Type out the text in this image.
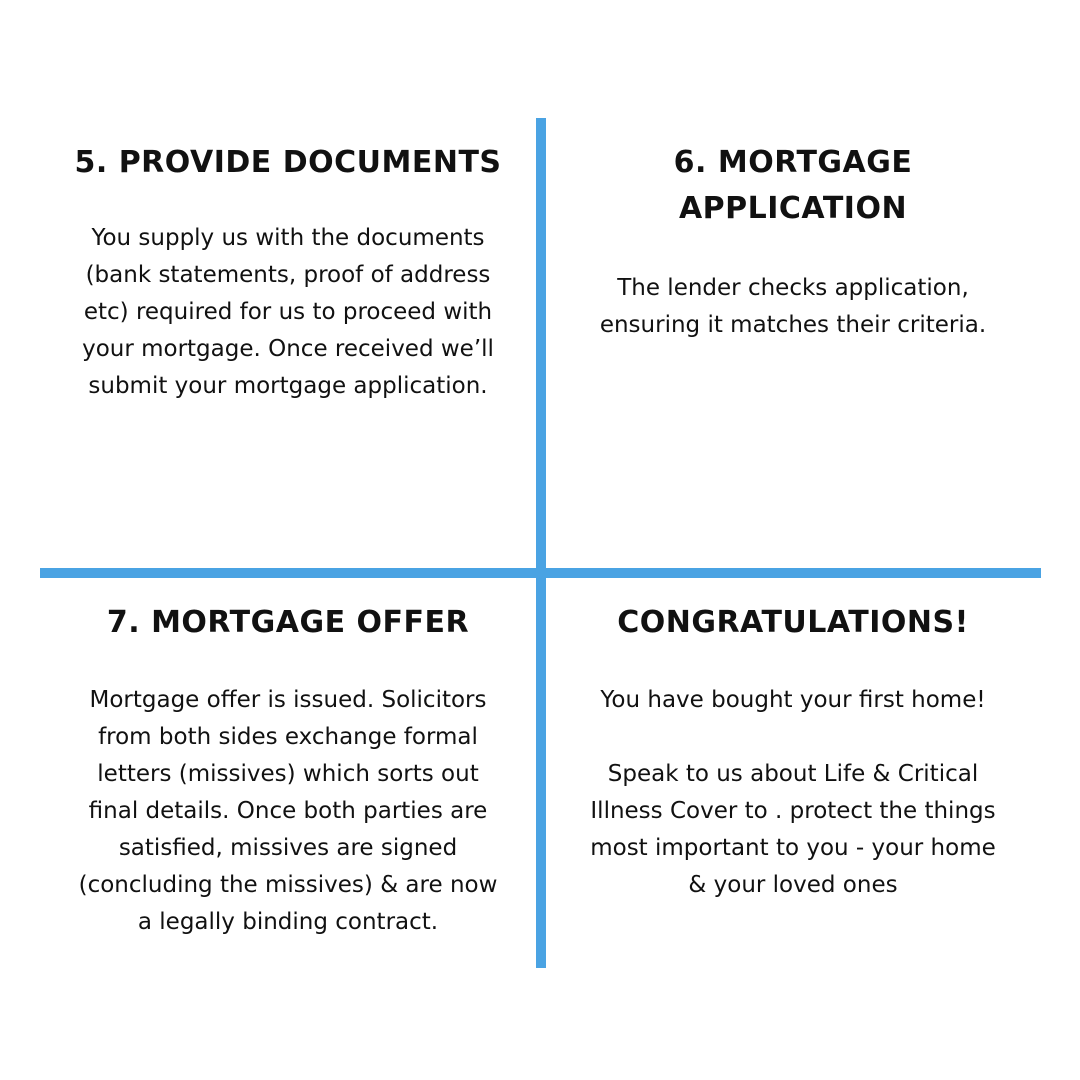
5. PROVIDE DOCUMENTS

You supply us with the documents
(bank statements, proof of address
etc) required for us to proceed with
your mortgage. Once received we’ll
submit your mortgage application.

6. MORTGAGE
APPLICATION

The lender checks application,
ensuring it matches their criteria.

7. MORTGAGE OFFER

Mortgage offer is issued. Solicitors
from both sides exchange formal
letters (missives) which sorts out
final details. Once both parties are
satisfied, missives are signed
(concluding the missives) & are now
a legally binding contract.

CONGRATULATIONS!

You have bought your first home!

Speak to us about Life & Critical
Illness Cover to . protect the things
most important to you - your home
& your loved ones
